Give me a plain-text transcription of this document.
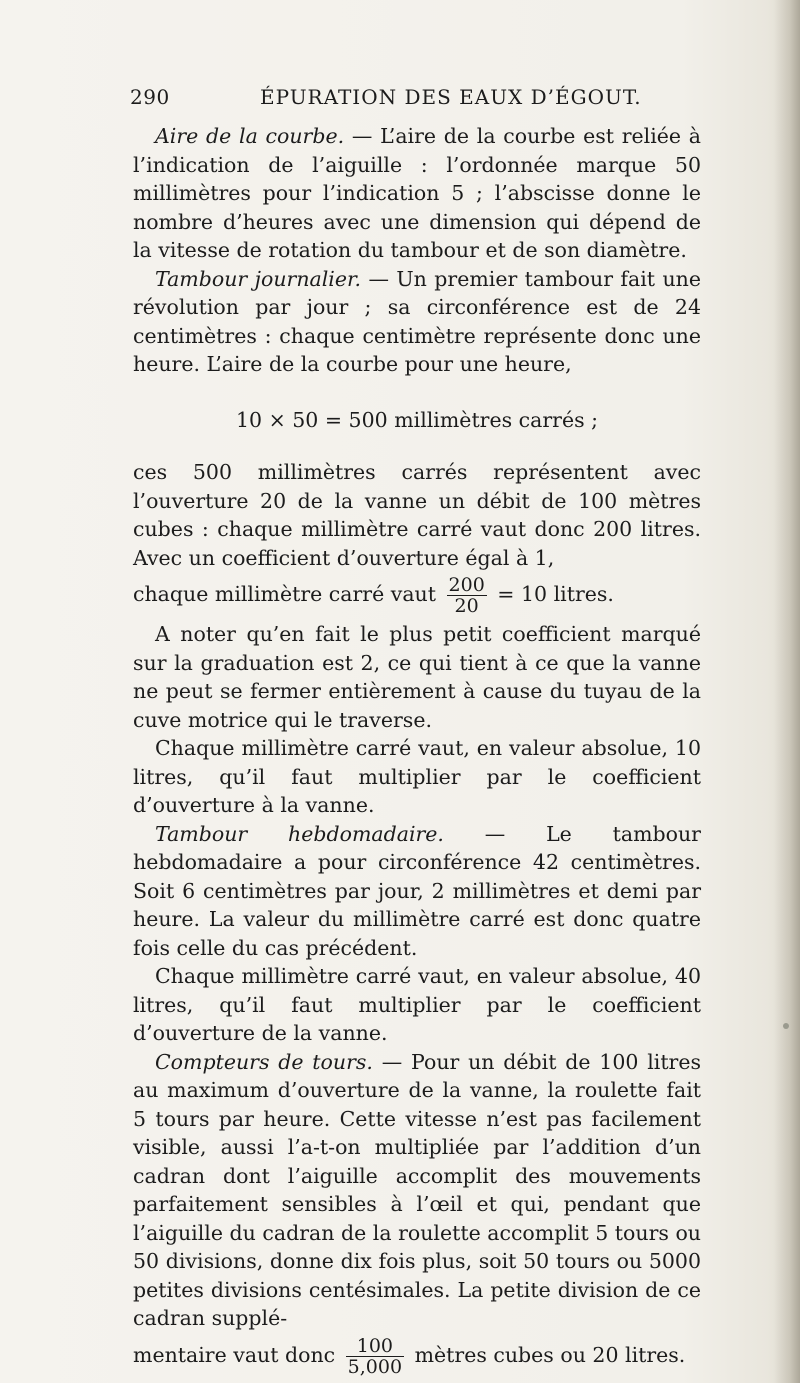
290	ÉPURATION DES EAUX D’ÉGOUT.

Aire de la courbe. — L’aire de la courbe est reliée à l’indication de l’aiguille : l’ordonnée marque 50 millimètres pour l’indication 5 ; l’abscisse donne le nombre d’heures avec une dimension qui dépend de la vitesse de rotation du tambour et de son diamètre.

Tambour journalier. — Un premier tambour fait une révolution par jour ; sa circonférence est de 24 centimètres : chaque centimètre représente donc une heure. L’aire de la courbe pour une heure,

10 × 50 = 500 millimètres carrés ;

ces 500 millimètres carrés représentent avec l’ouverture 20 de la vanne un débit de 100 mètres cubes : chaque millimètre carré vaut donc 200 litres. Avec un coefficient d’ouverture égal à 1,

chaque millimètre carré vaut $\frac{200}{20} = 10$ litres.

A noter qu’en fait le plus petit coefficient marqué sur la graduation est 2, ce qui tient à ce que la vanne ne peut se fermer entièrement à cause du tuyau de la cuve motrice qui le traverse.

Chaque millimètre carré vaut, en valeur absolue, 10 litres, qu’il faut multiplier par le coefficient d’ouverture à la vanne.

Tambour hebdomadaire. — Le tambour hebdomadaire a pour circonférence 42 centimètres. Soit 6 centimètres par jour, 2 millimètres et demi par heure. La valeur du millimètre carré est donc quatre fois celle du cas précédent.

Chaque millimètre carré vaut, en valeur absolue, 40 litres, qu’il faut multiplier par le coefficient d’ouverture de la vanne.

Compteurs de tours. — Pour un débit de 100 litres au maximum d’ouverture de la vanne, la roulette fait 5 tours par heure. Cette vitesse n’est pas facilement visible, aussi l’a-t-on multipliée par l’addition d’un cadran dont l’aiguille accomplit des mouvements parfaitement sensibles à l’œil et qui, pendant que l’aiguille du cadran de la roulette accomplit 5 tours ou 50 divisions, donne dix fois plus, soit 50 tours ou 5000 petites divisions centésimales. La petite division de ce cadran supplé-

mentaire vaut donc $\frac{100}{5,000}$ mètres cubes ou 20 litres.
